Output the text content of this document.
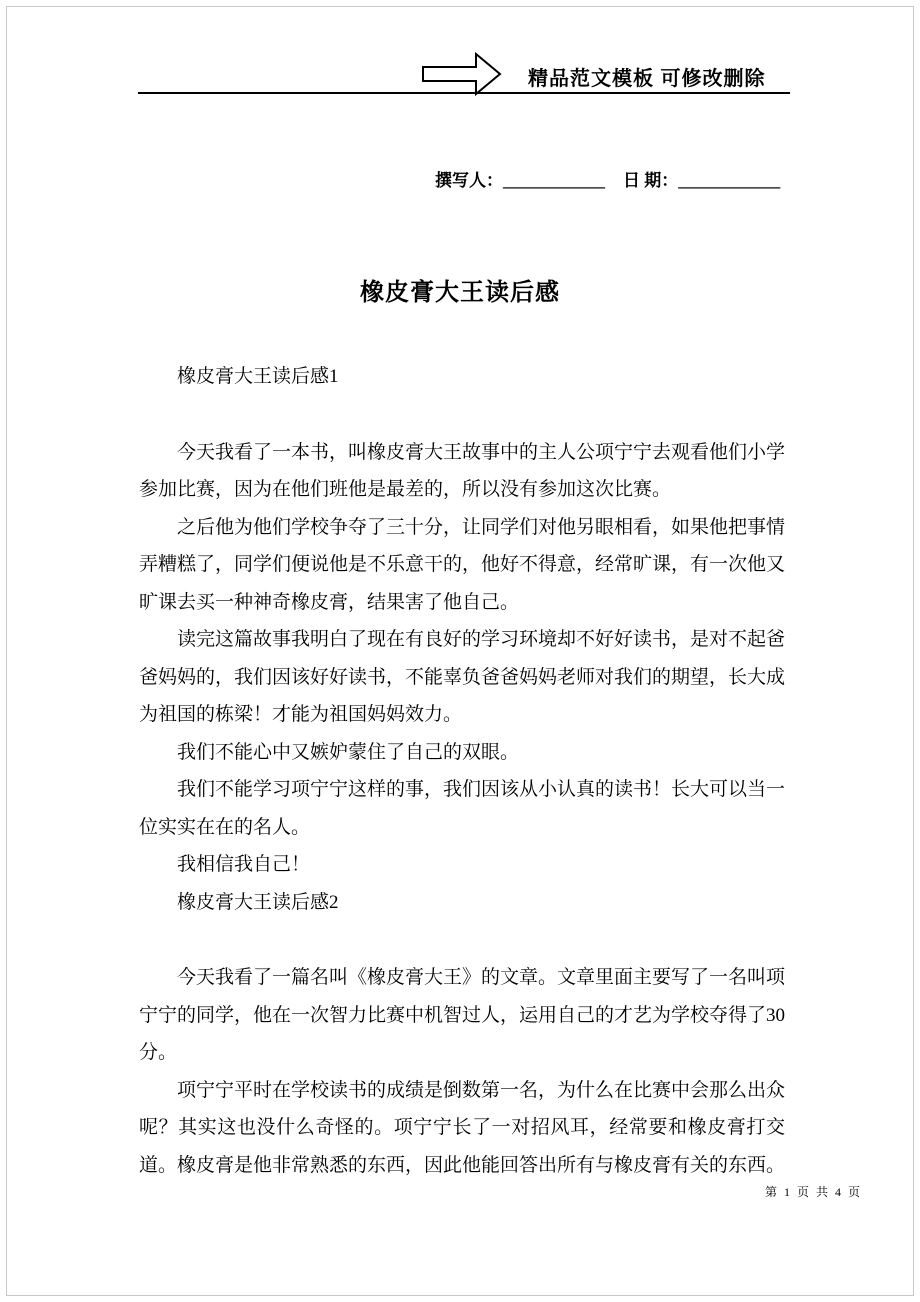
精品范文模板 可修改删除
撰写人：____________ 日 期：____________
橡皮膏大王读后感

橡皮膏大王读后感1

今天我看了一本书，叫橡皮膏大王故事中的主人公项宁宁去观看他们小学参加比赛，因为在他们班他是最差的，所以没有参加这次比赛。

之后他为他们学校争夺了三十分，让同学们对他另眼相看，如果他把事情弄糟糕了，同学们便说他是不乐意干的，他好不得意，经常旷课，有一次他又旷课去买一种神奇橡皮膏，结果害了他自己。

读完这篇故事我明白了现在有良好的学习环境却不好好读书，是对不起爸爸妈妈的，我们因该好好读书，不能辜负爸爸妈妈老师对我们的期望，长大成为祖国的栋梁！才能为祖国妈妈效力。

我们不能心中又嫉妒蒙住了自己的双眼。

我们不能学习项宁宁这样的事，我们因该从小认真的读书！长大可以当一位实实在在的名人。

我相信我自己！

橡皮膏大王读后感2

今天我看了一篇名叫《橡皮膏大王》的文章。文章里面主要写了一名叫项宁宁的同学，他在一次智力比赛中机智过人，运用自己的才艺为学校夺得了30分。

项宁宁平时在学校读书的成绩是倒数第一名，为什么在比赛中会那么出众呢？其实这也没什么奇怪的。项宁宁长了一对招风耳，经常要和橡皮膏打交道。橡皮膏是他非常熟悉的东西，因此他能回答出所有与橡皮膏有关的东西。

第 1 页 共 4 页
